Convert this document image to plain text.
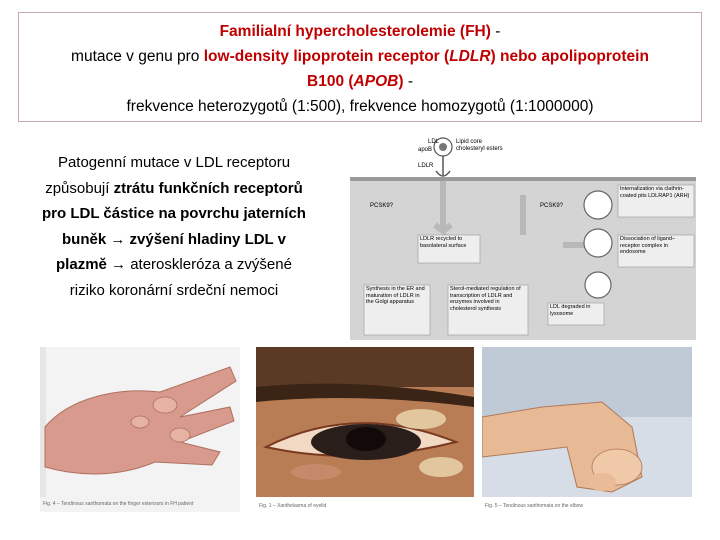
Familialní hypercholesterolemie (FH) -
mutace v genu pro low-density lipoprotein receptor (LDLR) nebo apolipoprotein
B100 (APOB) -
frekvence heterozygotů (1:500), frekvence homozygotů (1:1000000)
Patogenní mutace v LDL receptoru
způsobují ztrátu funkčních receptorů
pro LDL částice na povrchu jaterních
buněk → zvýšení hladiny LDL v
plazmě → ateroskleróza a zvýšené
riziko koronární srdeční nemoci
LDL	Lipid core
cholesteryl esters
apoB
LDLR
PCSK9?	PCSK9?
Internalization via clathrin-coated pits LDLRAP1 (ARH)
LDLR recycled to basolateral surface
Dissociation of ligand–receptor complex in endosome
Synthesis in the ER and maturation of LDLR in the Golgi apparatus
Sterol-mediated regulation of transcription of LDLR and enzymes involved in cholesterol synthesis	LDL degraded in lysosome
Fig. 4 – Tendinous xanthomata on the finger extensors in FH patient	Fig. 1 – Xanthelasma of eyelid	Fig. 5 – Tendinous xanthomata on the elbow
